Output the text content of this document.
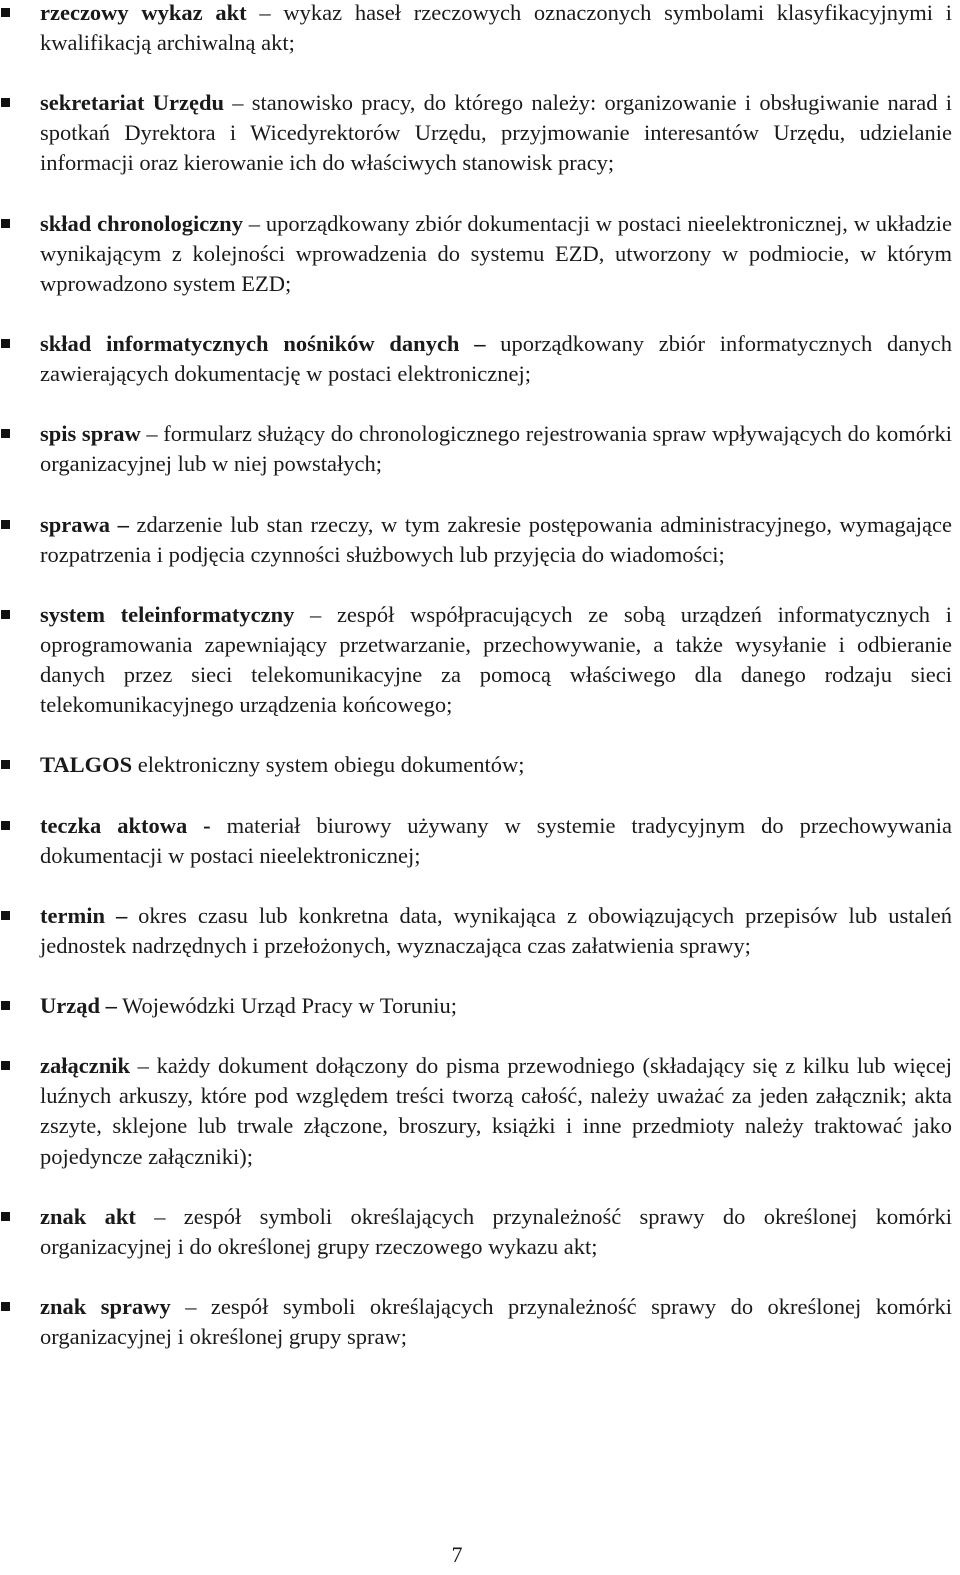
rzeczowy wykaz akt – wykaz haseł rzeczowych oznaczonych symbolami klasyfikacyjnymi i kwalifikacją archiwalną akt;
sekretariat Urzędu – stanowisko pracy, do którego należy: organizowanie i obsługiwanie narad i spotkań Dyrektora i Wicedyrektorów Urzędu, przyjmowanie interesantów Urzędu, udzielanie informacji oraz kierowanie ich do właściwych stanowisk pracy;
skład chronologiczny – uporządkowany zbiór dokumentacji w postaci nieelektronicznej, w układzie wynikającym z kolejności wprowadzenia do systemu EZD, utworzony w podmiocie, w którym wprowadzono system EZD;
skład informatycznych nośników danych – uporządkowany zbiór informatycznych danych zawierających dokumentację w postaci elektronicznej;
spis spraw – formularz służący do chronologicznego rejestrowania spraw wpływających do komórki organizacyjnej lub w niej powstałych;
sprawa – zdarzenie lub stan rzeczy, w tym zakresie postępowania administracyjnego, wymagające rozpatrzenia i podjęcia czynności służbowych lub przyjęcia do wiadomości;
system teleinformatyczny – zespół współpracujących ze sobą urządzeń informatycznych i oprogramowania zapewniający przetwarzanie, przechowywanie, a także wysyłanie i odbieranie danych przez sieci telekomunikacyjne za pomocą właściwego dla danego rodzaju sieci telekomunikacyjnego urządzenia końcowego;
TALGOS elektroniczny system obiegu dokumentów;
teczka aktowa - materiał biurowy używany w systemie tradycyjnym do przechowywania dokumentacji w postaci nieelektronicznej;
termin – okres czasu lub konkretna data, wynikająca z obowiązujących przepisów lub ustaleń jednostek nadrzędnych i przełożonych, wyznaczająca czas załatwienia sprawy;
Urząd – Wojewódzki Urząd Pracy w Toruniu;
załącznik – każdy dokument dołączony do pisma przewodniego (składający się z kilku lub więcej luźnych arkuszy, które pod względem treści tworzą całość, należy uważać za jeden załącznik; akta zszyte, sklejone lub trwale złączone, broszury, książki i inne przedmioty należy traktować jako pojedyncze załączniki);
znak akt – zespół symboli określających przynależność sprawy do określonej komórki organizacyjnej i do określonej grupy rzeczowego wykazu akt;
znak sprawy – zespół symboli określających przynależność sprawy do określonej komórki organizacyjnej i określonej grupy spraw;
7
